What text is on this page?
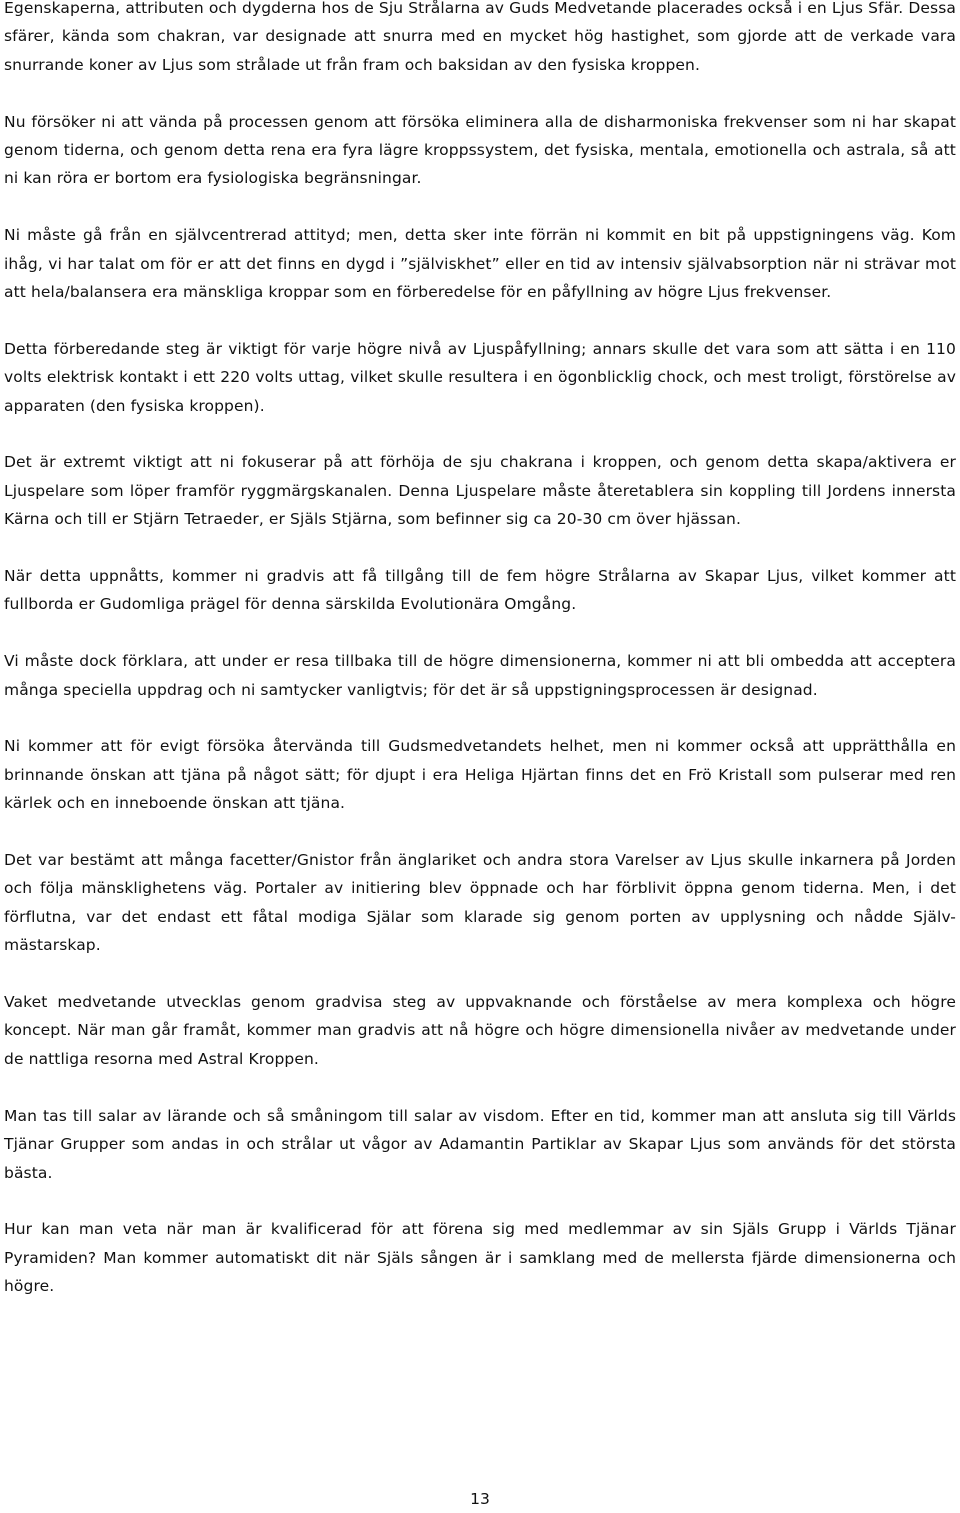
Egenskaperna, attributen och dygderna hos de Sju Strålarna av Guds Medvetande placerades också i en Ljus Sfär. Dessa sfärer, kända som chakran, var designade att snurra med en mycket hög hastighet, som gjorde att de verkade vara snurrande koner av Ljus som strålade ut från fram och baksidan av den fysiska kroppen.

Nu försöker ni att vända på processen genom att försöka eliminera alla de disharmoniska frekvenser som ni har skapat genom tiderna, och genom detta rena era fyra lägre kroppssystem, det fysiska, mentala, emotionella och astrala, så att ni kan röra er bortom era fysiologiska begränsningar.

Ni måste gå från en självcentrerad attityd; men, detta sker inte förrän ni kommit en bit på uppstigningens väg. Kom ihåg, vi har talat om för er att det finns en dygd i ”själviskhet” eller en tid av intensiv självabsorption när ni strävar mot att hela/balansera era mänskliga kroppar som en förberedelse för en påfyllning av högre Ljus frekvenser.

Detta förberedande steg är viktigt för varje högre nivå av Ljuspåfyllning; annars skulle det vara som att sätta i en 110 volts elektrisk kontakt i ett 220 volts uttag, vilket skulle resultera i en ögonblicklig chock, och mest troligt, förstörelse av apparaten (den fysiska kroppen).

Det är extremt viktigt att ni fokuserar på att förhöja de sju chakrana i kroppen, och genom detta skapa/aktivera er Ljuspelare som löper framför ryggmärgskanalen. Denna Ljuspelare måste återetablera sin koppling till Jordens innersta Kärna och till er Stjärn Tetraeder, er Själs Stjärna, som befinner sig ca 20-30 cm över hjässan.

När detta uppnåtts, kommer ni gradvis att få tillgång till de fem högre Strålarna av Skapar Ljus, vilket kommer att fullborda er Gudomliga prägel för denna särskilda Evolutionära Omgång.

Vi måste dock förklara, att under er resa tillbaka till de högre dimensionerna, kommer ni att bli ombedda att acceptera många speciella uppdrag och ni samtycker vanligtvis; för det är så uppstigningsprocessen är designad.

Ni kommer att för evigt försöka återvända till Gudsmedvetandets helhet, men ni kommer också att upprätthålla en brinnande önskan att tjäna på något sätt; för djupt i era Heliga Hjärtan finns det en Frö Kristall som pulserar med ren kärlek och en inneboende önskan att tjäna.

Det var bestämt att många facetter/Gnistor från änglariket och andra stora Varelser av Ljus skulle inkarnera på Jorden och följa mänsklighetens väg. Portaler av initiering blev öppnade och har förblivit öppna genom tiderna. Men, i det förflutna, var det endast ett fåtal modiga Själar som klarade sig genom porten av upplysning och nådde Själv-mästarskap.

Vaket medvetande utvecklas genom gradvisa steg av uppvaknande och förståelse av mera komplexa och högre koncept. När man går framåt, kommer man gradvis att nå högre och högre dimensionella nivåer av medvetande under de nattliga resorna med Astral Kroppen.

Man tas till salar av lärande och så småningom till salar av visdom. Efter en tid, kommer man att ansluta sig till Världs Tjänar Grupper som andas in och strålar ut vågor av Adamantin Partiklar av Skapar Ljus som används för det största bästa.

Hur kan man veta när man är kvalificerad för att förena sig med medlemmar av sin Själs Grupp i Världs Tjänar Pyramiden? Man kommer automatiskt dit när Själs sången är i samklang med de mellersta fjärde dimensionerna och högre.

13
